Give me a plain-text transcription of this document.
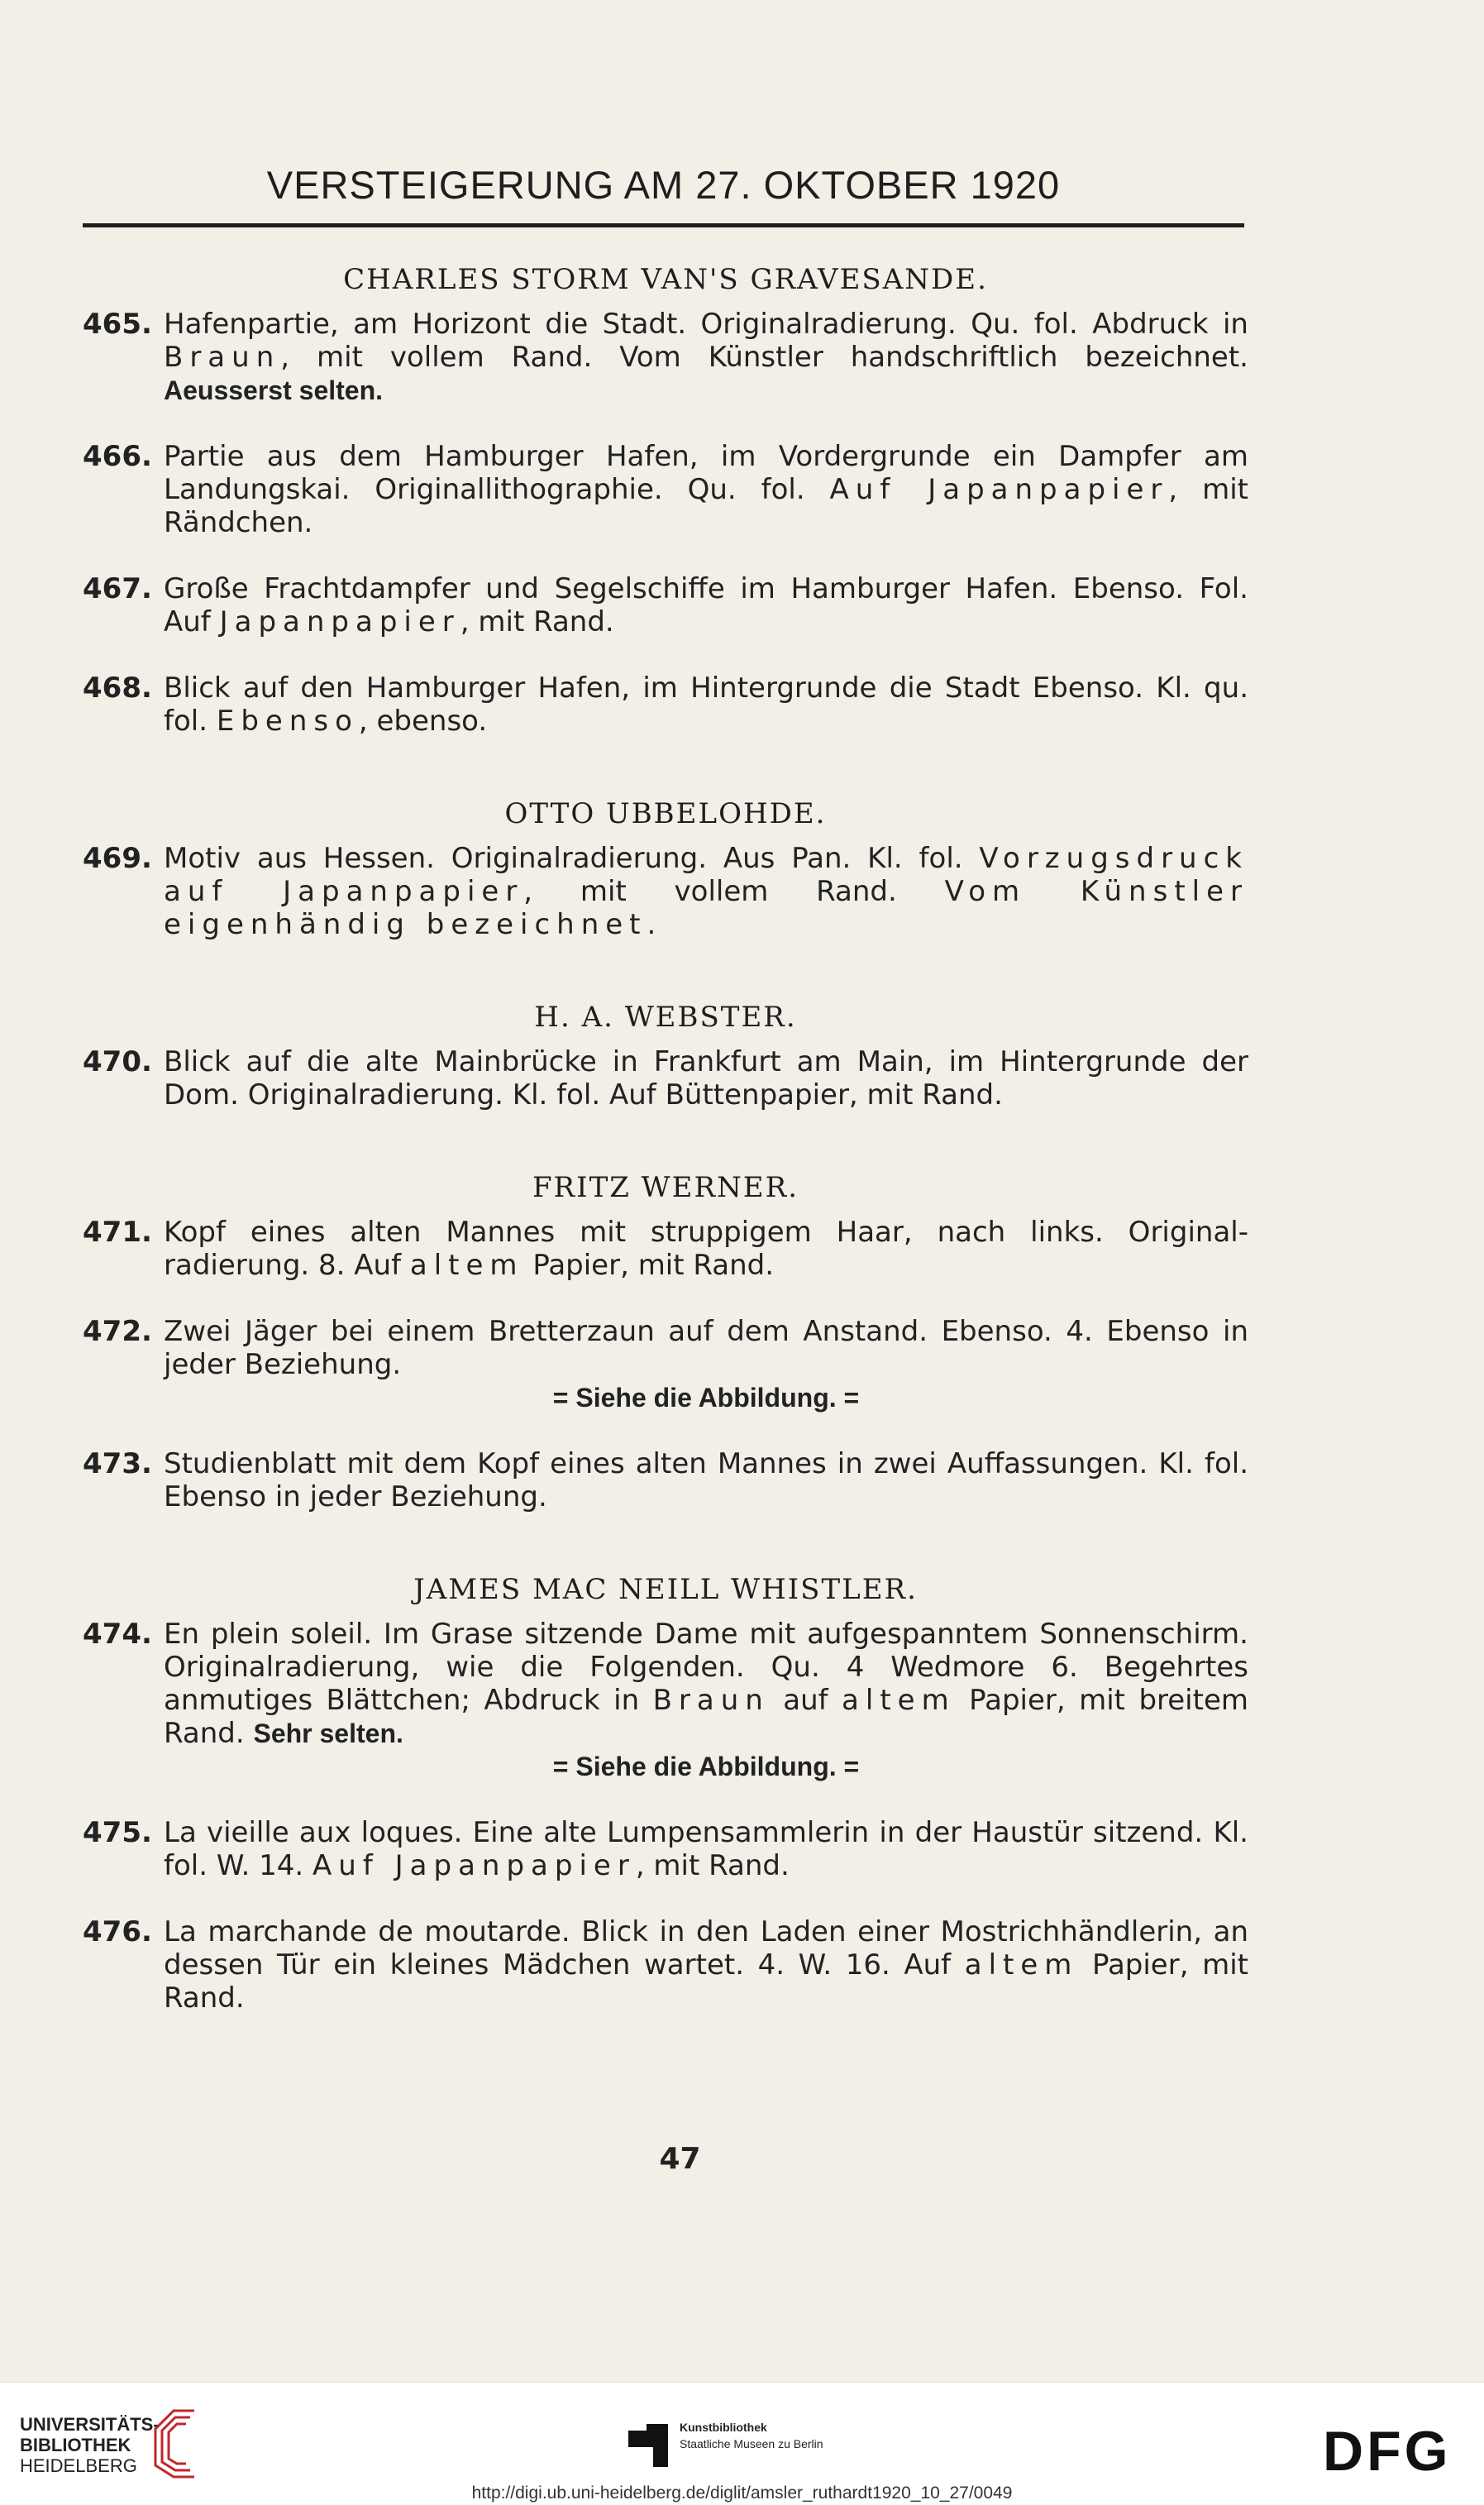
VERSTEIGERUNG AM 27. OKTOBER 1920
CHARLES STORM VAN'S GRAVESANDE.
465. Hafenpartie, am Horizont die Stadt. Originalradierung. Qu. fol. Abdruck in Braun, mit vollem Rand. Vom Künstler handschriftlich bezeichnet. Aeusserst selten.
466. Partie aus dem Hamburger Hafen, im Vordergrunde ein Dampfer am Landungskai. Originallithographie. Qu. fol. Auf Japanpapier, mit Rändchen.
467. Große Frachtdampfer und Segelschiffe im Hamburger Hafen. Ebenso. Fol. Auf Japanpapier, mit Rand.
468. Blick auf den Hamburger Hafen, im Hintergrunde die Stadt Ebenso. Kl. qu. fol. Ebenso, ebenso.
OTTO UBBELOHDE.
469. Motiv aus Hessen. Originalradierung. Aus Pan. Kl. fol. Vorzugsdruck auf Japanpapier, mit vollem Rand. Vom Künstler eigenhändig bezeichnet.
H. A. WEBSTER.
470. Blick auf die alte Mainbrücke in Frankfurt am Main, im Hintergrunde der Dom. Originalradierung. Kl. fol. Auf Büttenpapier, mit Rand.
FRITZ WERNER.
471. Kopf eines alten Mannes mit struppigem Haar, nach links. Original-radierung. 8. Auf altem Papier, mit Rand.
472. Zwei Jäger bei einem Bretterzaun auf dem Anstand. Ebenso. 4. Ebenso in jeder Beziehung.
= Siehe die Abbildung. =
473. Studienblatt mit dem Kopf eines alten Mannes in zwei Auffassungen. Kl. fol. Ebenso in jeder Beziehung.
JAMES MAC NEILL WHISTLER.
474. En plein soleil. Im Grase sitzende Dame mit aufgespanntem Sonnenschirm. Originalradierung, wie die Folgenden. Qu. 4 Wedmore 6. Begehrtes anmutiges Blättchen; Abdruck in Braun auf altem Papier, mit breitem Rand. Sehr selten.
= Siehe die Abbildung. =
475. La vieille aux loques. Eine alte Lumpensammlerin in der Haustür sitzend. Kl. fol. W. 14. Auf Japanpapier, mit Rand.
476. La marchande de moutarde. Blick in den Laden einer Mostrichhändlerin, an dessen Tür ein kleines Mädchen wartet. 4. W. 16. Auf altem Papier, mit Rand.
47
UNIVERSITÄTS-
BIBLIOTHEK
HEIDELBERG
Kunstbibliothek
Staatliche Museen zu Berlin	DFG
http://digi.ub.uni-heidelberg.de/diglit/amsler_ruthardt1920_10_27/0049
